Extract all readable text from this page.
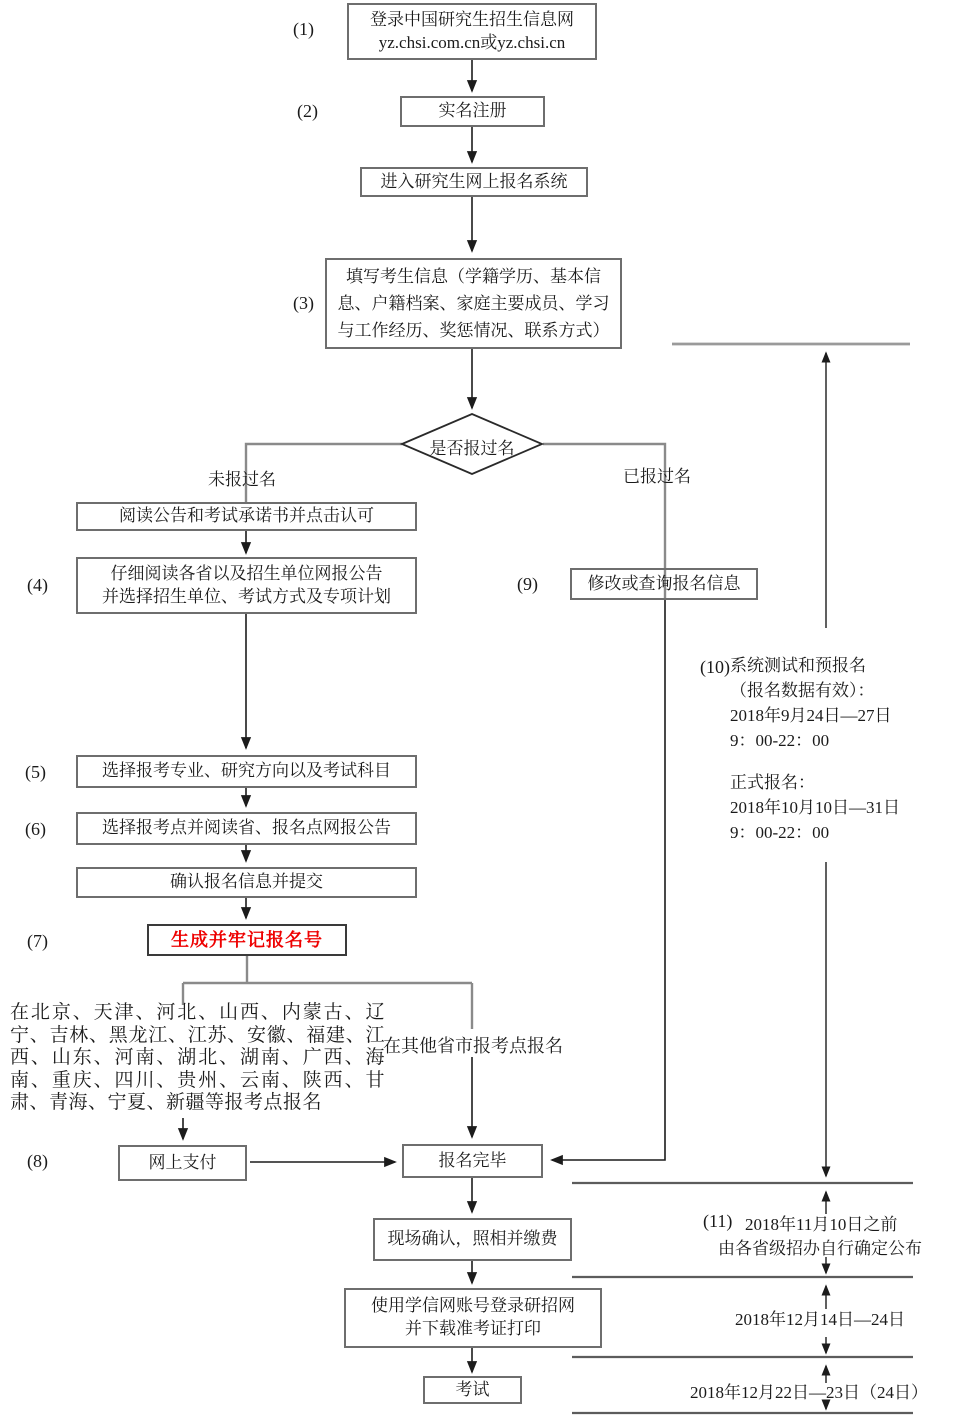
(1)
(2)
(3)
(4)
(5)
(6)
(7)
(8)
(9)
(10)
(11)
登录中国研究生招生信息网
yz.chsi.com.cn或yz.chsi.cn
实名注册
进入研究生网上报名系统
填写考生信息（学籍学历、基本信
息、户籍档案、家庭主要成员、学习
与工作经历、奖惩情况、联系方式）
是否报过名
未报过名	已报过名
阅读公告和考试承诺书并点击认可
仔细阅读各省以及招生单位网报公告
并选择招生单位、考试方式及专项计划
选择报考专业、研究方向以及考试科目
选择报考点并阅读省、报名点网报公告
确认报名信息并提交
生成并牢记报名号
修改或查询报名信息
在北京、天津、河北、山西、内蒙古、辽宁、吉林、黑龙江、江苏、安徽、福建、江西、山东、河南、湖北、湖南、广西、海南、重庆、四川、贵州、云南、陕西、甘肃、青海、宁夏、新疆等报考点报名
在其他省市报考点报名
网上支付	报名完毕
现场确认，照相并缴费
使用学信网账号登录研招网
并下载准考证打印
考试
系统测试和预报名
（报名数据有效）：
2018年9月24日—27日
9：00-22：00
正式报名：
2018年10月10日—31日
9：00-22：00
2018年11月10日之前
由各省级招办自行确定公布
2018年12月14日—24日
2018年12月22日—23日（24日）
